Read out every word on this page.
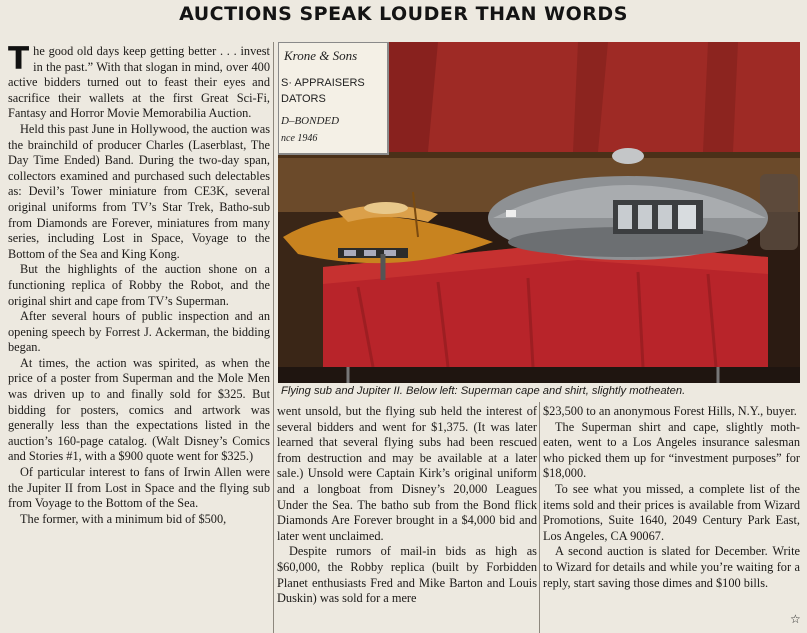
AUCTIONS SPEAK LOUDER THAN WORDS

The good old days keep getting better . . . invest in the past.” With that slogan in mind, over 400 active bidders turned out to feast their eyes and sacrifice their wallets at the first Great Sci-Fi, Fantasy and Horror Movie Memorabilia Auction.

Held this past June in Hollywood, the auction was the brainchild of producer Charles (Laserblast, The Day Time Ended) Band. During the two-day span, collectors examined and purchased such delectables as: Devil’s Tower miniature from CE3K, several original uniforms from TV’s Star Trek, Batho-sub from Diamonds are Forever, miniatures from many series, including Lost in Space, Voyage to the Bottom of the Sea and King Kong.

But the highlights of the auction shone on a functioning replica of Robby the Robot, and the original shirt and cape from TV’s Superman.

After several hours of public inspection and an opening speech by Forrest J. Ackerman, the bidding began.

At times, the action was spirited, as when the price of a poster from Superman and the Mole Men was driven up to and finally sold for $325. But bidding for posters, comics and artwork was generally less than the expectations listed in the auction’s 160-page catalog. (Walt Disney’s Comics and Stories #1, with a $900 quote went for $325.)

Of particular interest to fans of Irwin Allen were the Jupiter II from Lost in Space and the flying sub from Voyage to the Bottom of the Sea.

The former, with a minimum bid of $500,

Krone & Sons
S· APPRAISERS
DATORS
D–BONDED
nce 1946
Flying sub and Jupiter II. Below left: Superman cape and shirt, slightly motheaten.

went unsold, but the flying sub held the interest of several bidders and went for $1,375. (It was later learned that several flying subs had been rescued from destruction and may be available at a later sale.) Unsold were Captain Kirk’s original uniform and a longboat from Disney’s 20,000 Leagues Under the Sea. The batho sub from the Bond flick Diamonds Are Forever brought in a $4,000 bid and later went unclaimed.

Despite rumors of mail-in bids as high as $60,000, the Robby replica (built by Forbidden Planet enthusiasts Fred and Mike Barton and Louis Duskin) was sold for a mere

$23,500 to an anonymous Forest Hills, N.Y., buyer.

The Superman shirt and cape, slightly moth-eaten, went to a Los Angeles insurance salesman who picked them up for “investment purposes” for $18,000.

To see what you missed, a complete list of the items sold and their prices is available from Wizard Promotions, Suite 1640, 2049 Century Park East, Los Angeles, CA 90067.

A second auction is slated for December. Write to Wizard for details and while you’re waiting for a reply, start saving those dimes and $100 bills.

☆
